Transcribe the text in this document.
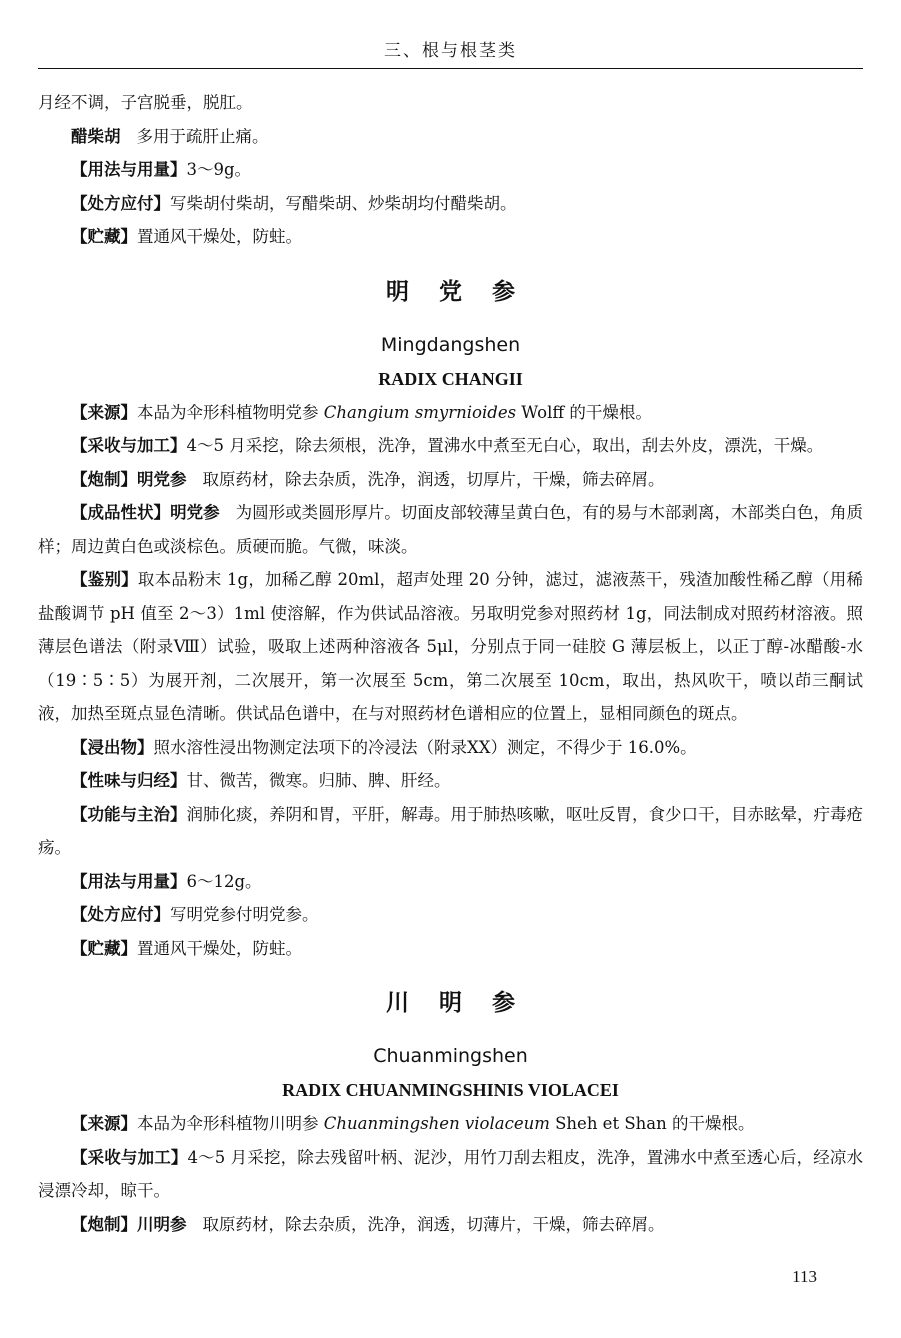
三、根与根茎类

月经不调，子宫脱垂，脱肛。

醋柴胡 多用于疏肝止痛。

【用法与用量】3～9g。

【处方应付】写柴胡付柴胡，写醋柴胡、炒柴胡均付醋柴胡。

【贮藏】置通风干燥处，防蛀。

明党参
Mingdangshen
RADIX CHANGII

【来源】本品为伞形科植物明党参 Changium smyrnioides Wolff 的干燥根。

【采收与加工】4～5 月采挖，除去须根，洗净，置沸水中煮至无白心，取出，刮去外皮，漂洗，干燥。

【炮制】明党参 取原药材，除去杂质，洗净，润透，切厚片，干燥，筛去碎屑。

【成品性状】明党参 为圆形或类圆形厚片。切面皮部较薄呈黄白色，有的易与木部剥离，木部类白色，角质样；周边黄白色或淡棕色。质硬而脆。气微，味淡。

【鉴别】取本品粉末 1g，加稀乙醇 20ml，超声处理 20 分钟，滤过，滤液蒸干，残渣加酸性稀乙醇（用稀盐酸调节 pH 值至 2～3）1ml 使溶解，作为供试品溶液。另取明党参对照药材 1g，同法制成对照药材溶液。照薄层色谱法（附录Ⅷ）试验，吸取上述两种溶液各 5μl，分别点于同一硅胶 G 薄层板上，以正丁醇-冰醋酸-水（19∶5∶5）为展开剂，二次展开，第一次展至 5cm，第二次展至 10cm，取出，热风吹干，喷以茚三酮试液，加热至斑点显色清晰。供试品色谱中，在与对照药材色谱相应的位置上，显相同颜色的斑点。

【浸出物】照水溶性浸出物测定法项下的冷浸法（附录ⅩⅩ）测定，不得少于 16.0%。

【性味与归经】甘、微苦，微寒。归肺、脾、肝经。

【功能与主治】润肺化痰，养阴和胃，平肝，解毒。用于肺热咳嗽，呕吐反胃，食少口干，目赤眩晕，疔毒疮疡。

【用法与用量】6～12g。

【处方应付】写明党参付明党参。

【贮藏】置通风干燥处，防蛀。

川明参
Chuanmingshen
RADIX CHUANMINGSHINIS VIOLACEI

【来源】本品为伞形科植物川明参 Chuanmingshen violaceum Sheh et Shan 的干燥根。

【采收与加工】4～5 月采挖，除去残留叶柄、泥沙，用竹刀刮去粗皮，洗净，置沸水中煮至透心后，经凉水浸漂冷却，晾干。

【炮制】川明参 取原药材，除去杂质，洗净，润透，切薄片，干燥，筛去碎屑。

113
